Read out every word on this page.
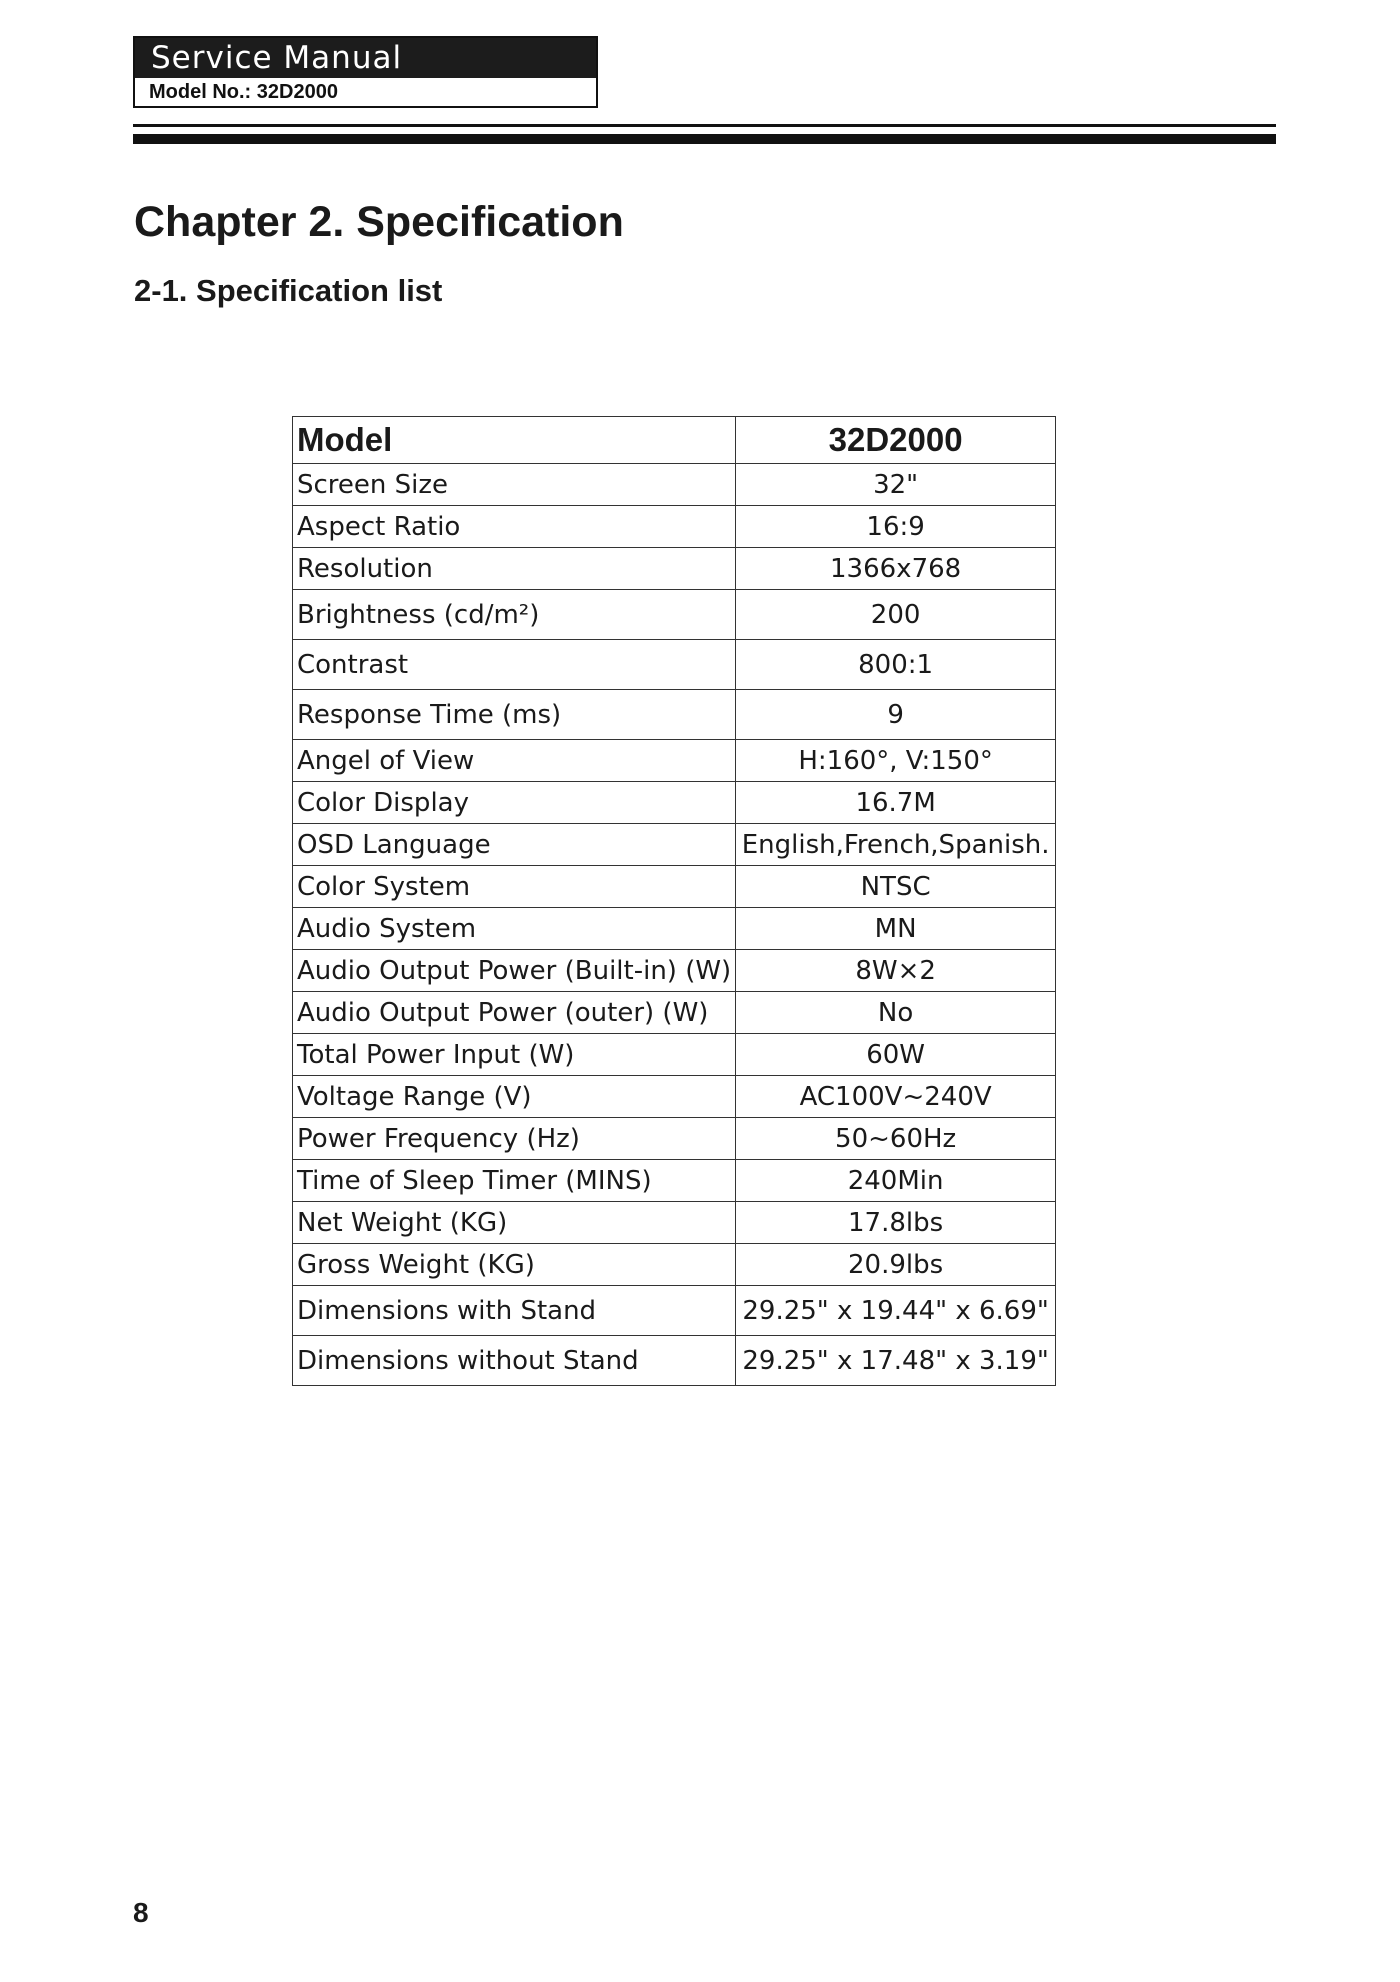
Service Manual
Model No.: 32D2000
Chapter 2. Specification
2-1. Specification list
Model	32D2000
Screen Size	32"
Aspect Ratio	16:9
Resolution	1366x768
Brightness (cd/m²)	200
Contrast	800:1
Response Time (ms)	9
Angel of View	H:160°, V:150°
Color Display	16.7M
OSD Language	English,French,Spanish.
Color System	NTSC
Audio System	MN
Audio Output Power (Built-in) (W)	8W×2
Audio Output Power (outer) (W)	No
Total Power Input (W)	60W
Voltage Range (V)	AC100V~240V
Power Frequency (Hz)	50~60Hz
Time of Sleep Timer (MINS)	240Min
Net Weight (KG)	17.8lbs
Gross Weight (KG)	20.9lbs
Dimensions with Stand	29.25" x 19.44" x 6.69"
Dimensions without Stand	29.25" x 17.48" x 3.19"
8
